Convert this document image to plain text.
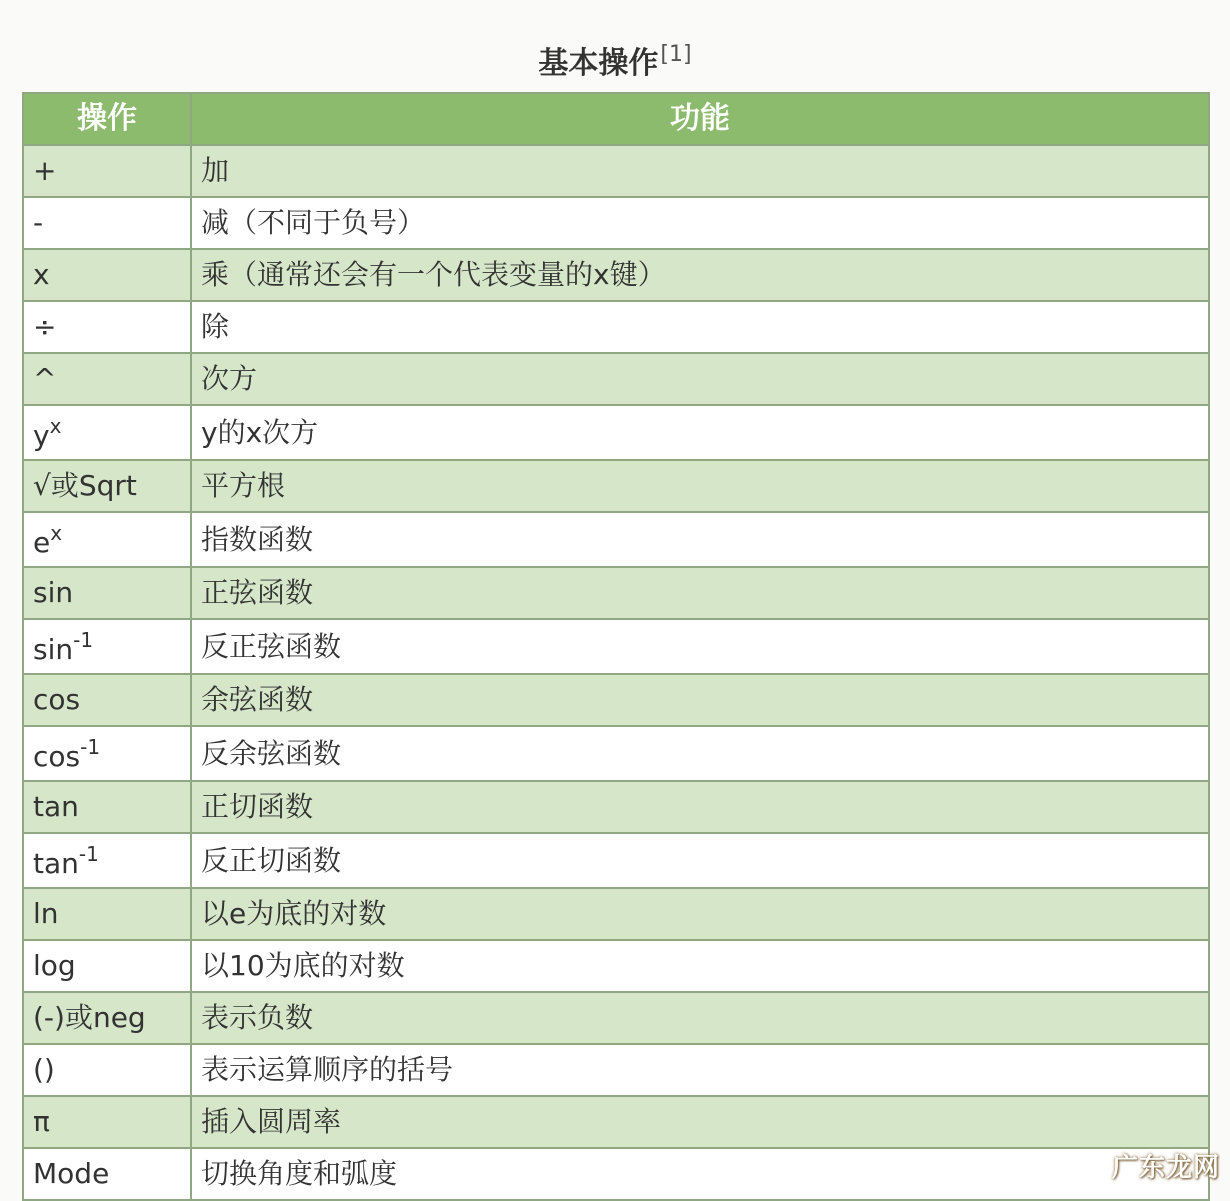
基本操作[1]
操作	功能
+	加
-	减（不同于负号）
x	乘（通常还会有一个代表变量的x键）
÷	除
^	次方
$y^x$	y的x次方
√或Sqrt	平方根
$e^x$	指数函数
sin	正弦函数
$\sin^{-1}$	反正弦函数
cos	余弦函数
$\cos^{-1}$	反余弦函数
tan	正切函数
$\tan^{-1}$	反正切函数
ln	以e为底的对数
log	以10为底的对数
(-)或neg	表示负数
()	表示运算顺序的括号
π	插入圆周率
Mode	切换角度和弧度	广东龙网
